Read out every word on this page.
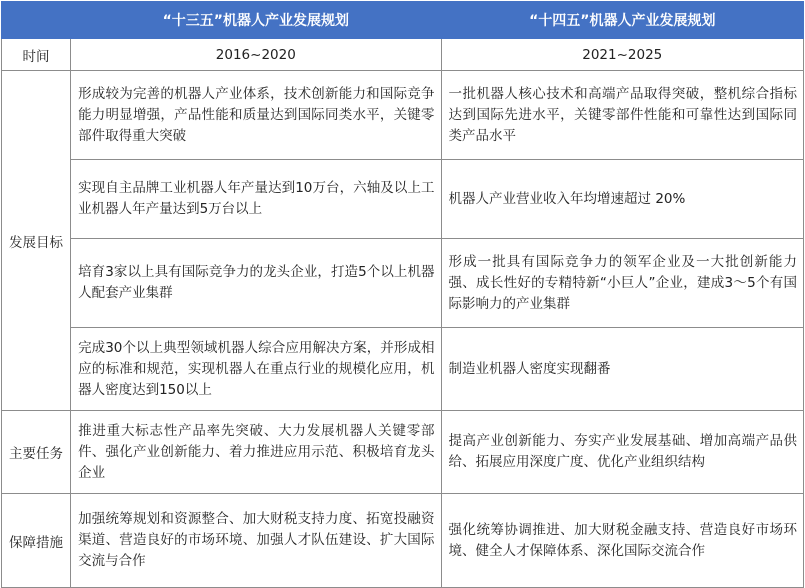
	“十三五”机器人产业发展规划	“十四五”机器人产业发展规划
时间	2016~2020	2021~2025
发展目标	形成较为完善的机器人产业体系，技术创新能力和国际竞争能力明显增强，产品性能和质量达到国际同类水平，关键零部件取得重大突破	一批机器人核心技术和高端产品取得突破，整机综合指标达到国际先进水平，关键零部件性能和可靠性达到国际同类产品水平
	实现自主品牌工业机器人年产量达到10万台，六轴及以上工业机器人年产量达到5万台以上	机器人产业营业收入年均增速超过 20%
	培育3家以上具有国际竞争力的龙头企业，打造5个以上机器人配套产业集群	形成一批具有国际竞争力的领军企业及一大批创新能力强、成长性好的专精特新“小巨人”企业，建成3～5个有国际影响力的产业集群
	完成30个以上典型领域机器人综合应用解决方案，并形成相应的标准和规范，实现机器人在重点行业的规模化应用，机器人密度达到150以上	制造业机器人密度实现翻番
主要任务	推进重大标志性产品率先突破、大力发展机器人关键零部件、强化产业创新能力、着力推进应用示范、积极培育龙头企业	提高产业创新能力、夯实产业发展基础、增加高端产品供给、拓展应用深度广度、优化产业组织结构
保障措施	加强统筹规划和资源整合、加大财税支持力度、拓宽投融资渠道、营造良好的市场环境、加强人才队伍建设、扩大国际交流与合作	强化统筹协调推进、加大财税金融支持、营造良好市场环境、健全人才保障体系、深化国际交流合作
